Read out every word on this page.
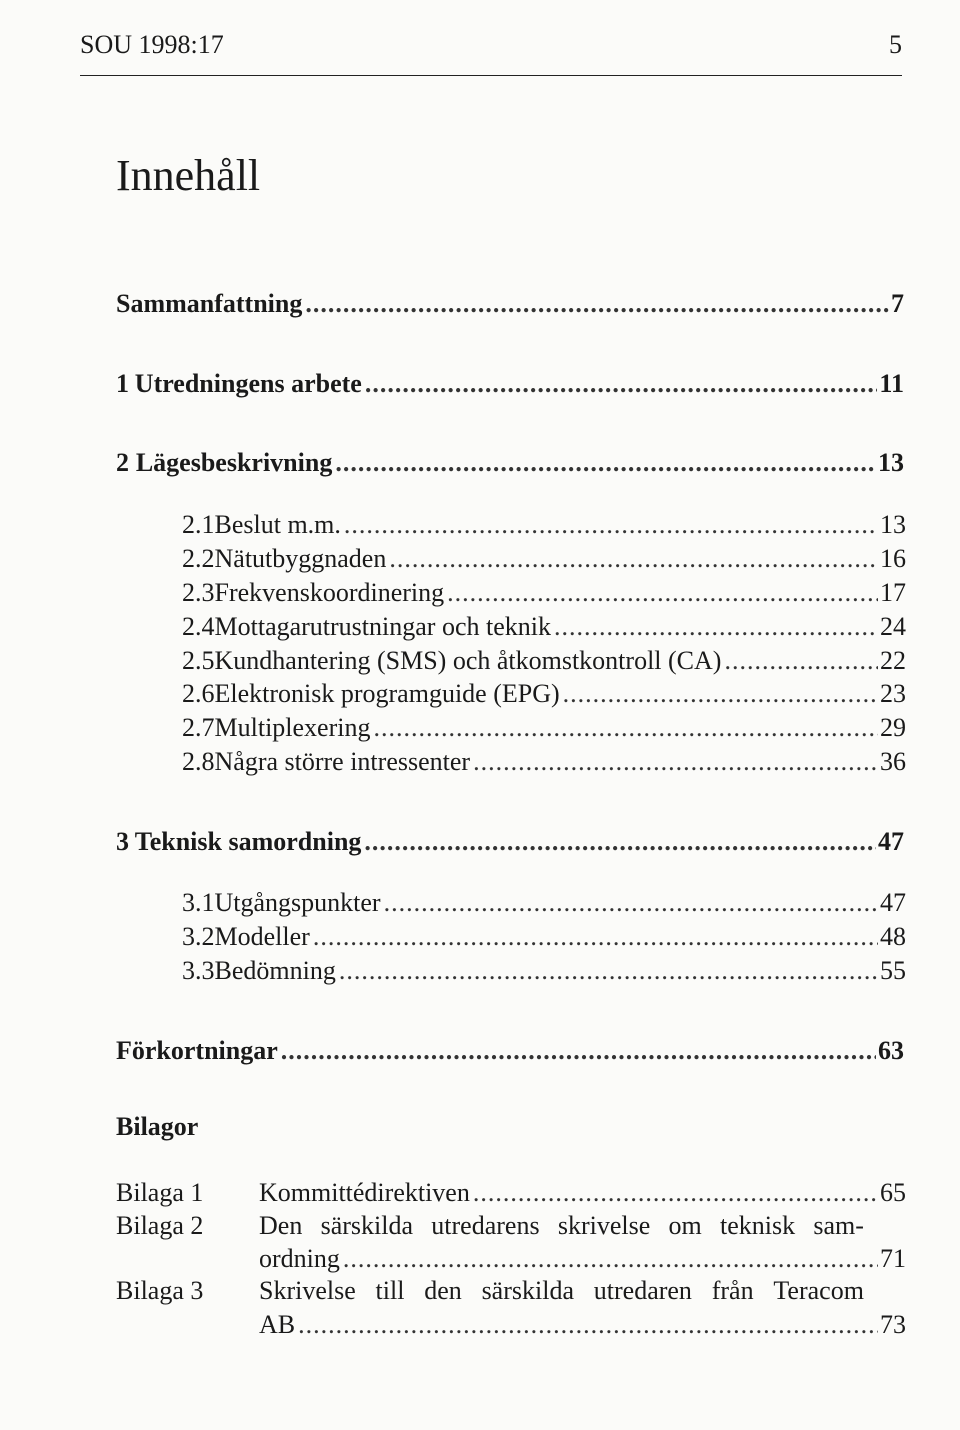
SOU 1998:17	5
Innehåll
Sammanfattning .....	7
1 Utredningens arbete .....	11
2 Lägesbeskrivning .....	13
2.1 Beslut m.m. .....	13
2.2 Nätutbyggnaden .....	16
2.3 Frekvenskoordinering .....	17
2.4 Mottagarutrustningar och teknik .....	24
2.5 Kundhantering (SMS) och åtkomstkontroll (CA) .....	22
2.6 Elektronisk programguide (EPG) .....	23
2.7 Multiplexering .....	29
2.8 Några större intressenter .....	36
3 Teknisk samordning .....	47
3.1 Utgångspunkter .....	47
3.2 Modeller .....	48
3.3 Bedömning .....	55
Förkortningar .....	63
Bilagor
Bilaga 1 Kommittédirektiven .....	65
Bilaga 2 Den särskilda utredarens skrivelse om teknisk sam-
ordning .....	71
Bilaga 3 Skrivelse till den särskilda utredaren från Teracom
AB .....	73
